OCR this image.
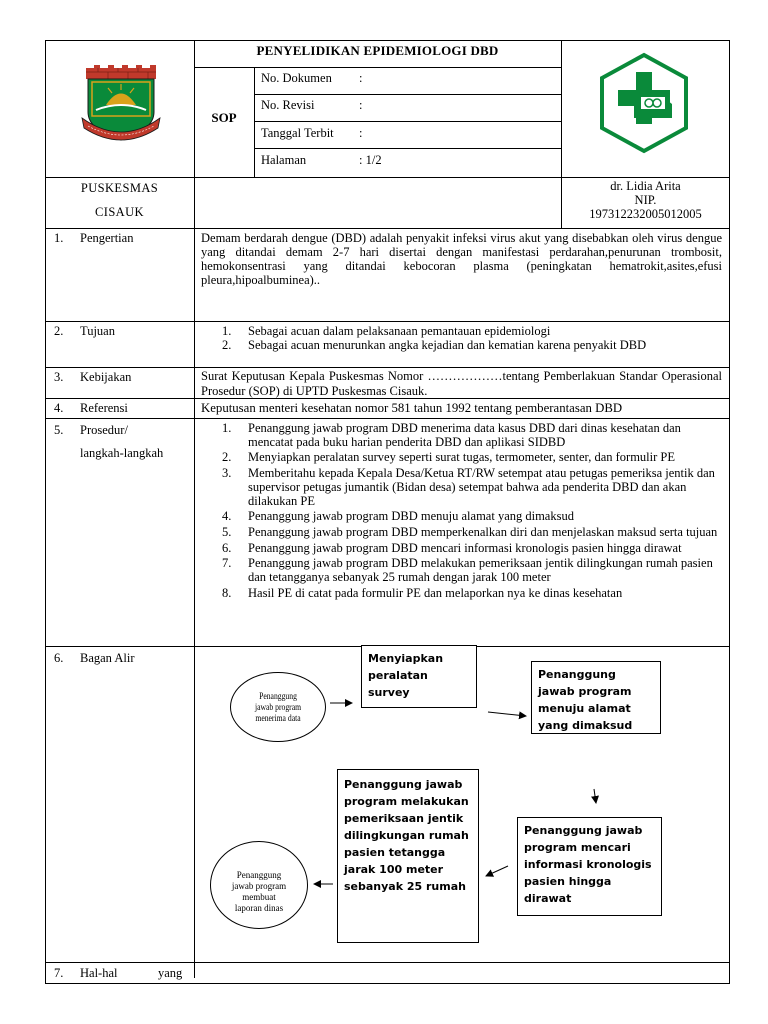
PENYELIDIKAN EPIDEMIOLOGI DBD
SOP
No. Dokumen :
No. Revisi	:
Tanggal Terbit :
Halaman	: 1/2
PUSKESMAS
CISAUK
dr. Lidia Arita
NIP.
197312232005012005
1. Pengertian	Demam berdarah dengue (DBD) adalah penyakit infeksi virus akut yang disebabkan oleh virus dengue yang ditandai demam 2-7 hari disertai dengan manifestasi perdarahan,penurunan trombosit, hemokonsentrasi yang ditandai kebocoran plasma (peningkatan hematrokit,asites,efusi pleura,hipoalbuminea)..
2. Tujuan	1. Sebagai acuan dalam pelaksanaan pemantauan epidemiologi
2. Sebagai acuan menurunkan angka kejadian dan kematian karena penyakit DBD
3. Kebijakan	Surat Keputusan Kepala Puskesmas Nomor ………………tentang Pemberlakuan Standar Operasional Prosedur (SOP) di UPTD Puskesmas Cisauk.
4. Referensi	Keputusan menteri kesehatan nomor 581 tahun 1992 tentang pemberantasan DBD
5. Prosedur/
langkah-langkah
1. Penanggung jawab program DBD menerima data kasus DBD dari dinas kesehatan dan mencatat pada buku harian penderita DBD dan aplikasi SIDBD
2. Menyiapkan peralatan survey seperti surat tugas, termometer, senter, dan formulir PE
3. Memberitahu kepada Kepala Desa/Ketua RT/RW setempat atau petugas pemeriksa jentik dan supervisor petugas jumantik (Bidan desa) setempat bahwa ada penderita DBD dan akan dilakukan PE
4. Penanggung jawab program DBD menuju alamat yang dimaksud
5. Penanggung jawab program DBD memperkenalkan diri dan menjelaskan maksud serta tujuan
6. Penanggung jawab program DBD mencari informasi kronologis pasien hingga dirawat
7. Penanggung jawab program DBD melakukan pemeriksaan jentik dilingkungan rumah pasien dan tetangganya sebanyak 25 rumah dengan jarak 100 meter
8. Hasil PE di catat pada formulir PE dan melaporkan nya ke dinas kesehatan
6. Bagan Alir
Penanggung jawab program menerima data
Menyiapkan peralatan survey
Penanggung jawab program menuju alamat yang dimaksud
Penanggung jawab program melakukan pemeriksaan jentik dilingkungan rumah pasien tetangga jarak 100 meter sebanyak 25 rumah
Penanggung jawab program mencari informasi kronologis pasien hingga dirawat
Penanggung jawab program membuat laporan dinas
7. Hal-hal	yang
